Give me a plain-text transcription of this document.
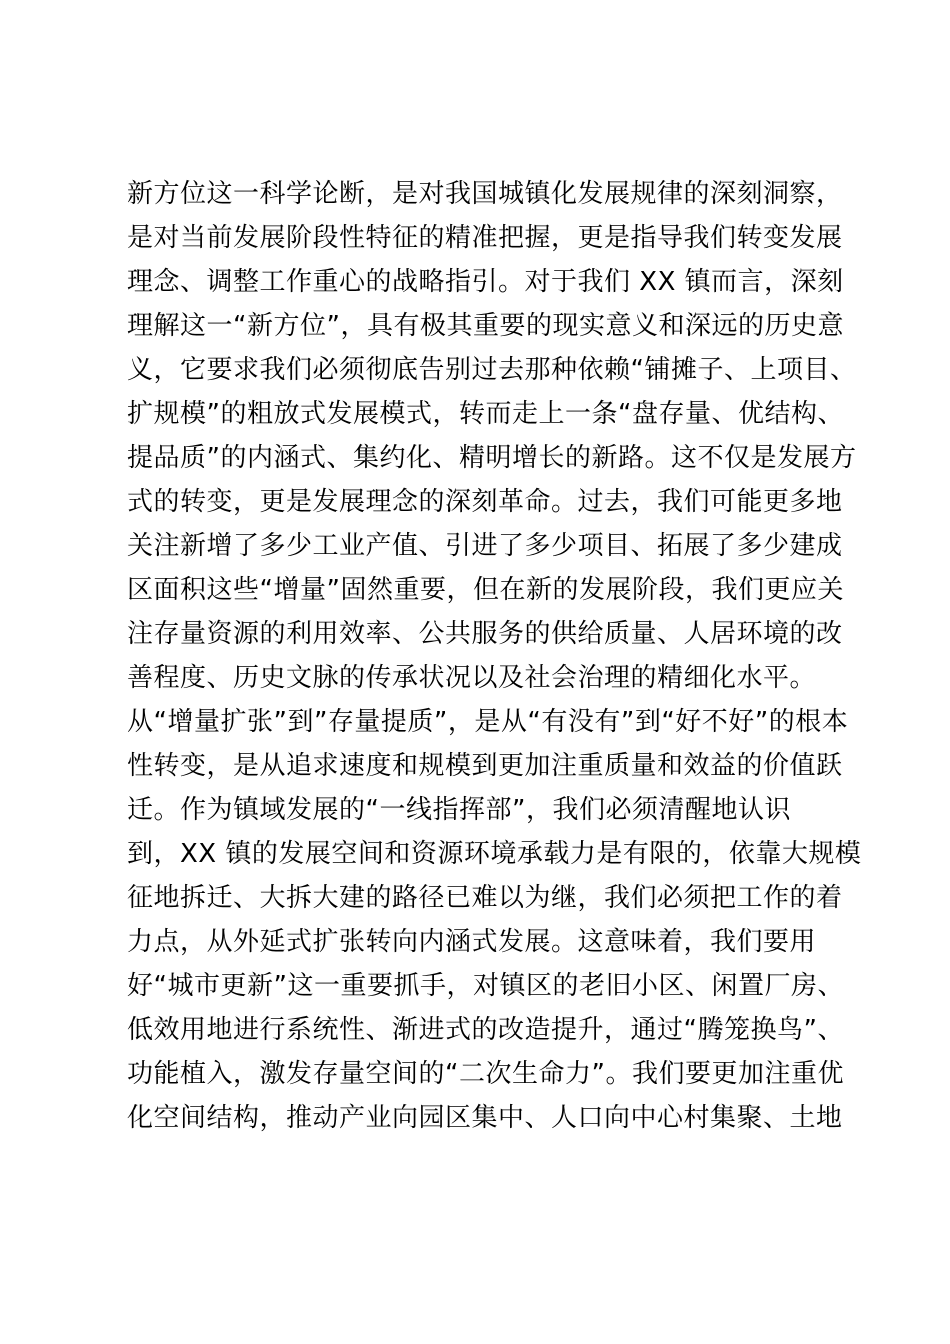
新方位这一科学论断，是对我国城镇化发展规律的深刻洞察，
是对当前发展阶段性特征的精准把握，更是指导我们转变发展
理念、调整工作重心的战略指引。对于我们 XX 镇而言，深刻
理解这一“新方位”，具有极其重要的现实意义和深远的历史意
义，它要求我们必须彻底告别过去那种依赖“铺摊子、上项目、
扩规模”的粗放式发展模式，转而走上一条“盘存量、优结构、
提品质”的内涵式、集约化、精明增长的新路。这不仅是发展方
式的转变，更是发展理念的深刻革命。过去，我们可能更多地
关注新增了多少工业产值、引进了多少项目、拓展了多少建成
区面积这些“增量”固然重要，但在新的发展阶段，我们更应关
注存量资源的利用效率、公共服务的供给质量、人居环境的改
善程度、历史文脉的传承状况以及社会治理的精细化水平。
从“增量扩张”到”存量提质”，是从“有没有”到“好不好”的根本
性转变，是从追求速度和规模到更加注重质量和效益的价值跃
迁。作为镇域发展的“一线指挥部”，我们必须清醒地认识
到，XX 镇的发展空间和资源环境承载力是有限的，依靠大规模
征地拆迁、大拆大建的路径已难以为继，我们必须把工作的着
力点，从外延式扩张转向内涵式发展。这意味着，我们要用
好“城市更新”这一重要抓手，对镇区的老旧小区、闲置厂房、
低效用地进行系统性、渐进式的改造提升，通过“腾笼换鸟”、
功能植入，激发存量空间的“二次生命力”。我们要更加注重优
化空间结构，推动产业向园区集中、人口向中心村集聚、土地
